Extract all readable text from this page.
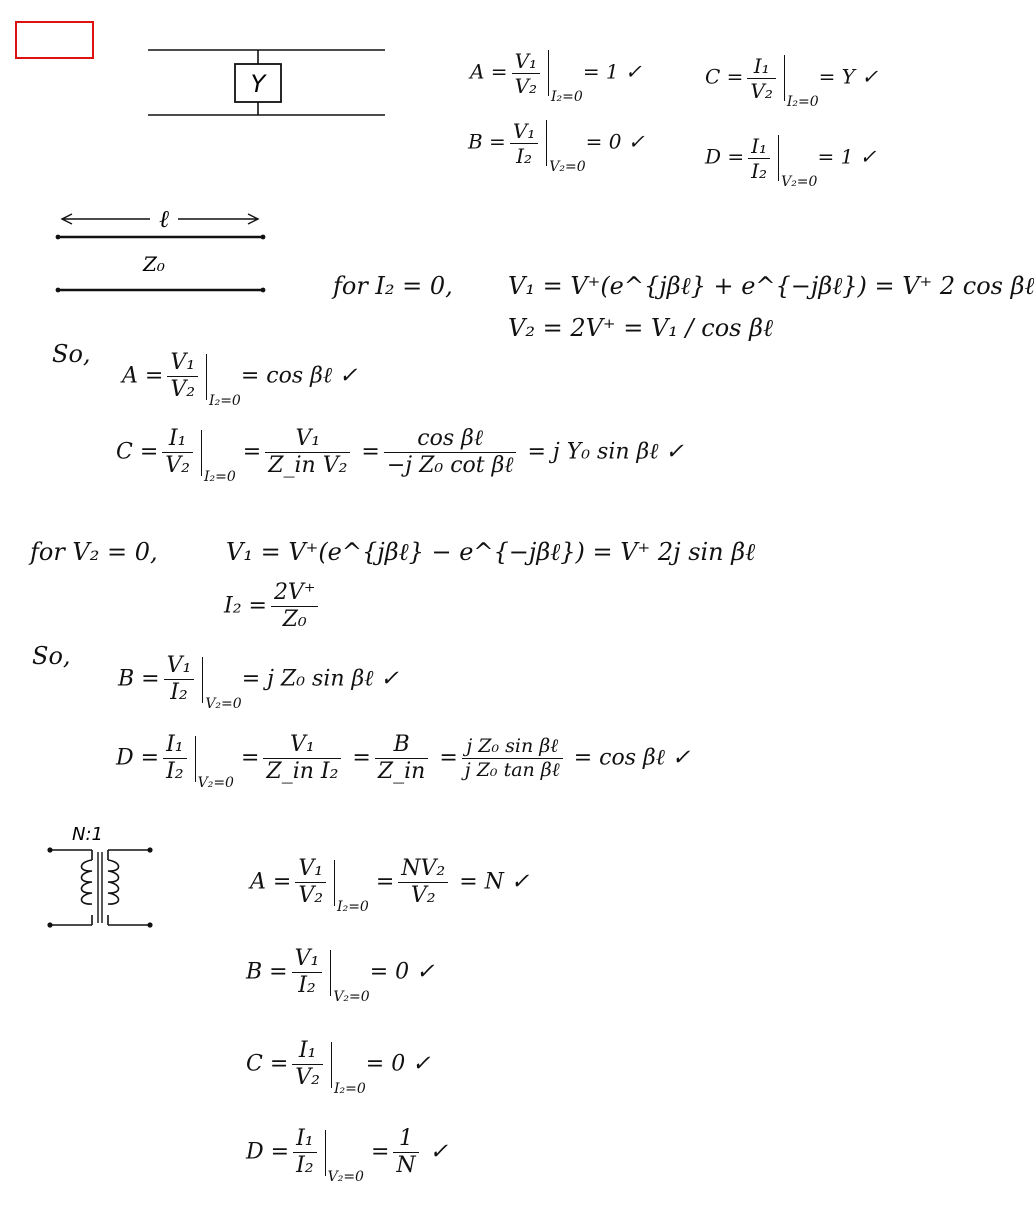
Y	$A = \frac{\text{V₁}}{\text{V₂}}$
I₂=0= 1 ✓	$C = \frac{\text{I₁}}{\text{V₂}}$
I₂=0= Y ✓
$B = \frac{\text{V₁}}{\text{I₂}}$
V₂=0= 0 ✓
$D = \frac{\text{I₁}}{\text{I₂}}$
V₂=0= 1 ✓
ℓ
Z₀
for I₂ = 0, V₁ = V⁺(e^{jβℓ} + e^{−jβℓ}) = V⁺ 2 cos βℓ
V₂ = 2V⁺ = V₁ / cos βℓ
So,
$A = \frac{\text{V₁}}{\text{V₂}} I_2=0= \cos$ βℓ ✓
$C = \frac{\text{I₁}}{\text{V₂}} I_2=0 = \frac{\text{V₁}}{\text{Z\_in V₂}} = \frac{\text{cos βℓ}}{\text{−j Z₀ cot βℓ}} = j$ Y₀ sin βℓ ✓
for V₂ = 0,	V₁ = V⁺(e^{jβℓ} − e^{−jβℓ}) = V⁺ 2j sin βℓ
$I_2 = \frac{2V^+}{\text{Z₀}}$
So,
$B = \frac{\text{V₁}}{\text{I₂}} V_2=0= j$ Z₀ sin βℓ ✓
$D = \frac{\text{I₁}}{\text{I₂}} V_2=0 = \frac{\text{V₁}}{\text{Z\_in I₂}} = \frac{B}{Z\_in} = \frac{\text{j Z₀ sin βℓ}}{\text{j Z₀ tan βℓ}} = \cos$ βℓ ✓
N:1
$A = \frac{\text{V₁}}{\text{V₂}} I_2=0 = \frac{\text{NV₂}}{\text{V₂}} = N$ ✓
$B = \frac{\text{V₁}}{\text{I₂}} V_2=0= 0$ ✓
$C = \frac{\text{I₁}}{\text{V₂}} I_2=0= 0$ ✓
$D = \frac{\text{I₁}}{\text{I₂}} V_2=0 = \frac{1}{N}$ ✓
